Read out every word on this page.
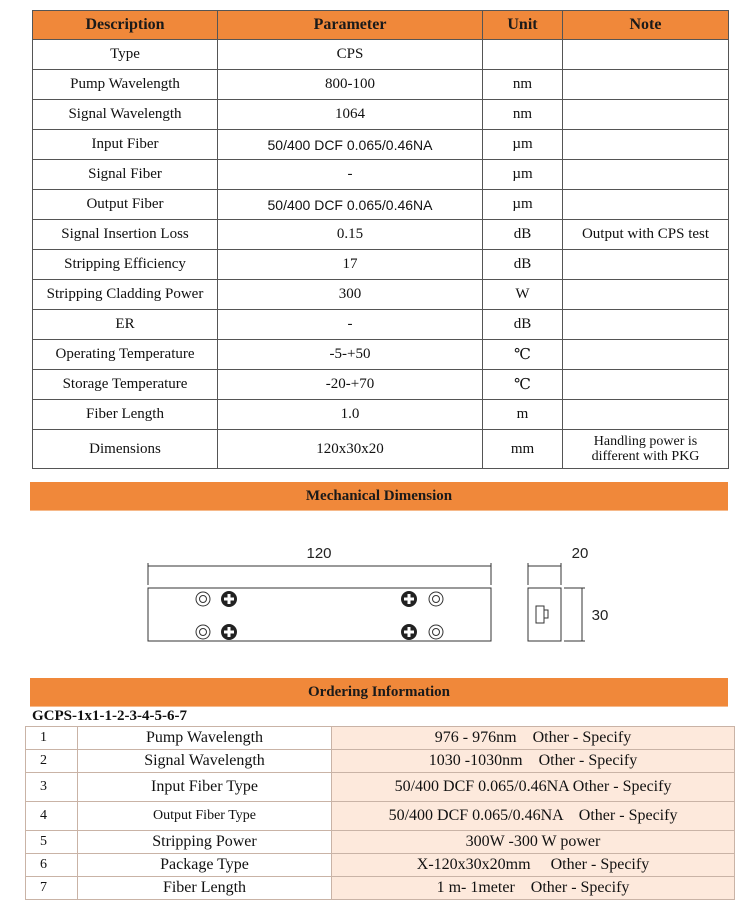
Description	Parameter	Unit	Note
Type	CPS		
Pump Wavelength	800-100	nm	
Signal Wavelength	1064	nm	
Input Fiber	50/400 DCF 0.065/0.46NA	µm	
Signal Fiber	-	µm	
Output Fiber	50/400 DCF 0.065/0.46NA	µm	
Signal Insertion Loss	0.15	dB	Output with CPS test
Stripping Efficiency	17	dB	
Stripping Cladding Power	300	W	
ER	-	dB	
Operating Temperature	-5-+50	℃	
Storage Temperature	-20-+70	℃	
Fiber Length	1.0	m	
Dimensions	120x30x20	mm	Handling power is
different with PKG
Mechanical Dimension
120	20
30
Ordering Information
GCPS-1x1-1-2-3-4-5-6-7
1	Pump Wavelength	976 - 976nm    Other - Specify
2	Signal Wavelength	1030 -1030nm    Other - Specify
3	Input Fiber Type	50/400 DCF 0.065/0.46NA Other - Specify
4	Output Fiber Type	50/400 DCF 0.065/0.46NA    Other - Specify
5	Stripping Power	300W -300 W power
6	Package Type	X-120x30x20mm     Other - Specify
7	Fiber Length	1 m- 1meter    Other - Specify
